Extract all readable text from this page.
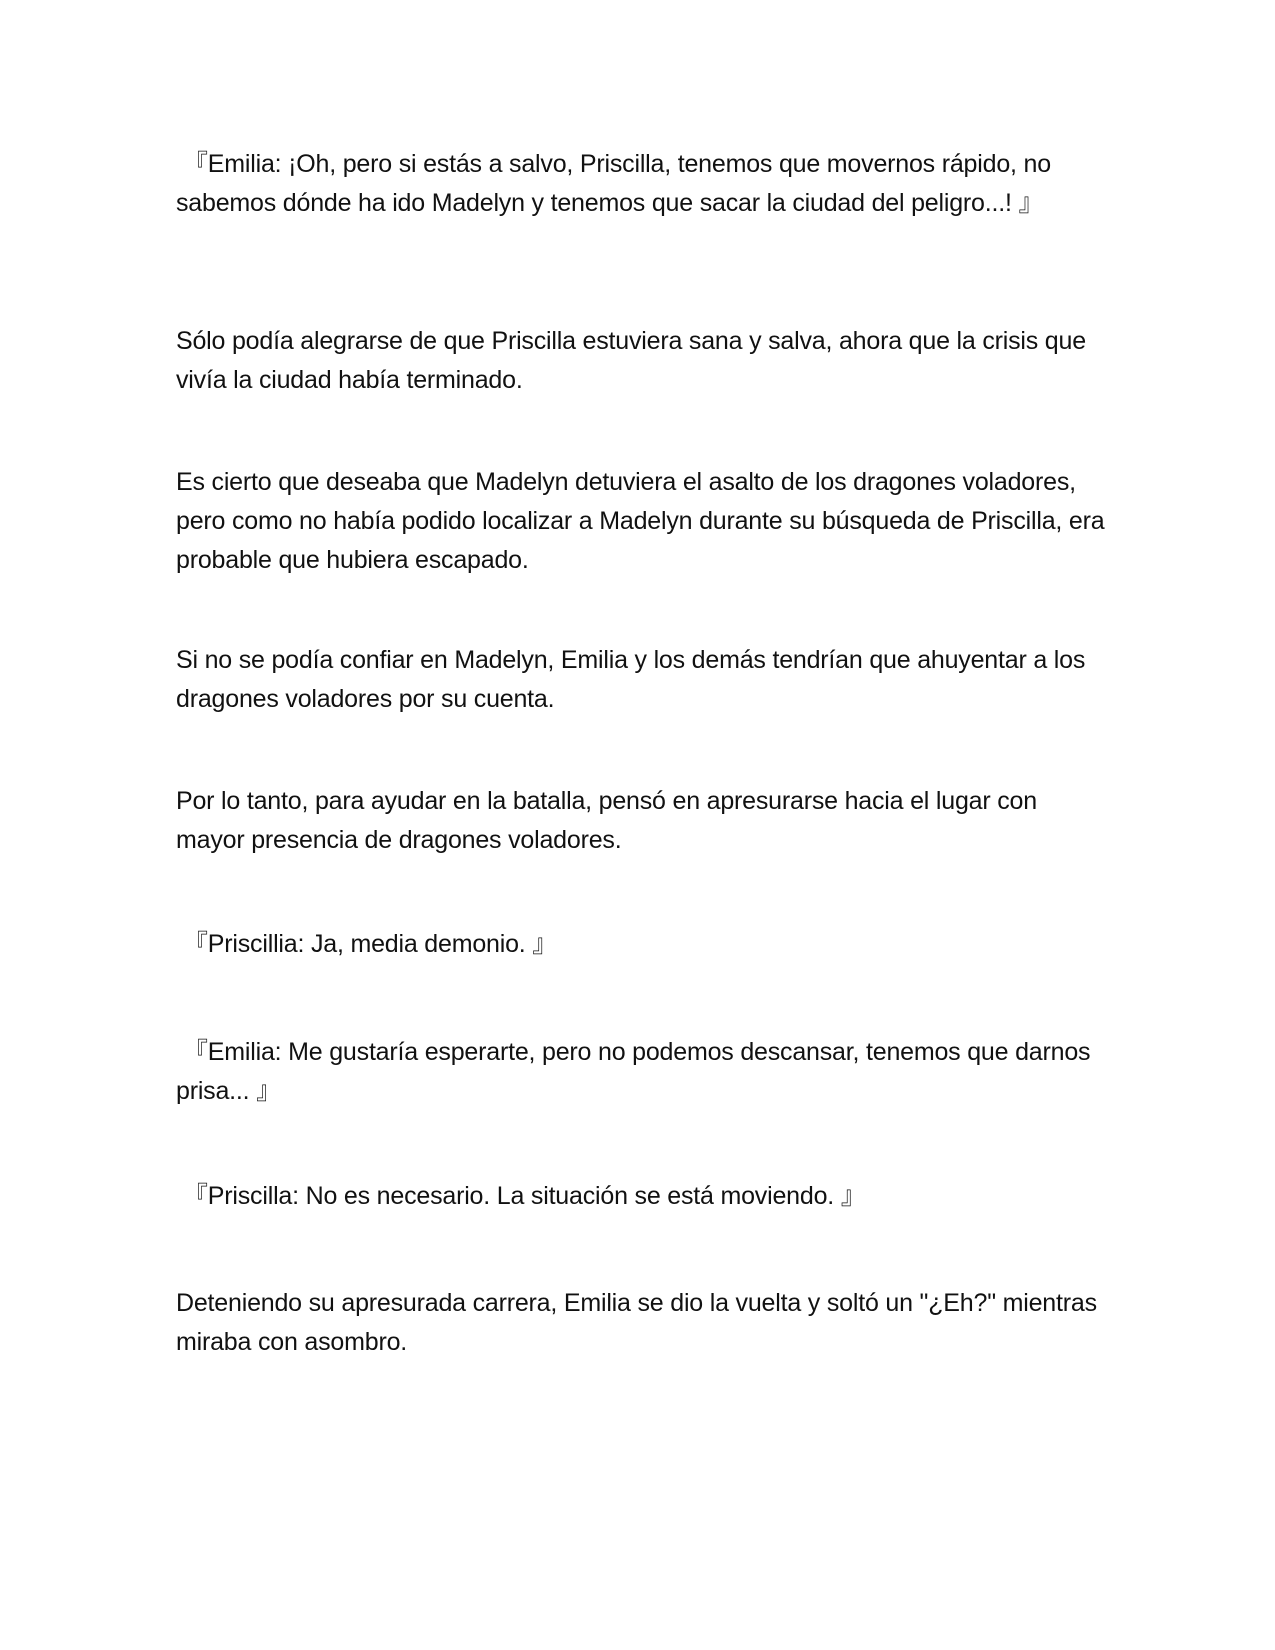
『Emilia: ¡Oh, pero si estás a salvo, Priscilla, tenemos que movernos rápido, no sabemos dónde ha ido Madelyn y tenemos que sacar la ciudad del peligro...! 』

Sólo podía alegrarse de que Priscilla estuviera sana y salva, ahora que la crisis que vivía la ciudad había terminado.

Es cierto que deseaba que Madelyn detuviera el asalto de los dragones voladores, pero como no había podido localizar a Madelyn durante su búsqueda de Priscilla, era probable que hubiera escapado.

Si no se podía confiar en Madelyn, Emilia y los demás tendrían que ahuyentar a los dragones voladores por su cuenta.

Por lo tanto, para ayudar en la batalla, pensó en apresurarse hacia el lugar con mayor presencia de dragones voladores.

『Priscillia: Ja, media demonio. 』

『Emilia: Me gustaría esperarte, pero no podemos descansar, tenemos que darnos prisa... 』

『Priscilla: No es necesario. La situación se está moviendo. 』

Deteniendo su apresurada carrera, Emilia se dio la vuelta y soltó un "¿Eh?" mientras miraba con asombro.
